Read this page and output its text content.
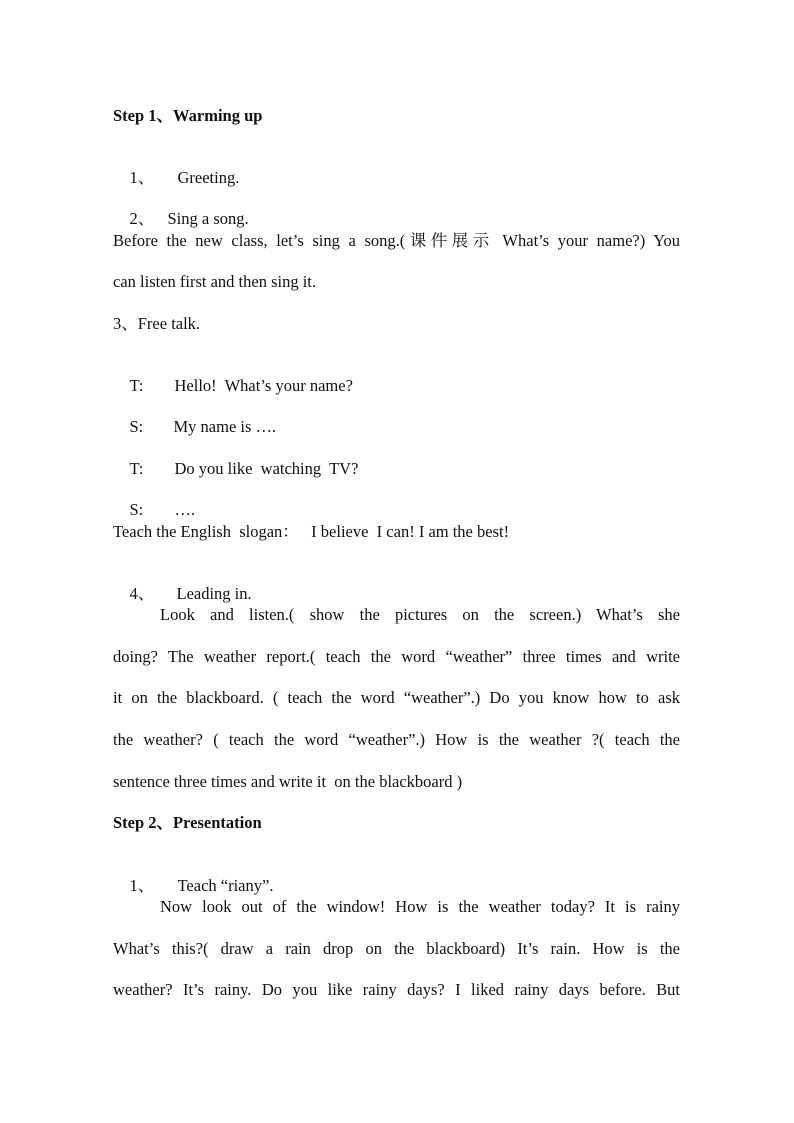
Step 1、Warming up

1、 Greeting.

2、 Sing a song.

Before the new class, let’s sing a song.(课件展示 What’s your name?) You
can listen first and then sing it.
3、Free talk.

T: Hello!  What’s your name?

S: My name is ….

T: Do you like  watching  TV?

S: ….

Teach the English  slogan：   I believe  I can! I am the best!

4、 Leading in.

Look and listen.( show the pictures on the screen.) What’s she
doing? The weather report.( teach the word “weather” three times and write
it on the blackboard. ( teach the word “weather”.) Do you know how to ask
the weather? ( teach the word “weather”.) How is the weather ?( teach the
sentence three times and write it  on the blackboard )
Step 2、Presentation

1、 Teach “riany”.

Now look out of the window! How is the weather today? It is rainy
What’s this?( draw a rain drop on the blackboard) It’s rain. How is the
weather? It’s rainy. Do you like rainy days? I liked rainy days before. But
